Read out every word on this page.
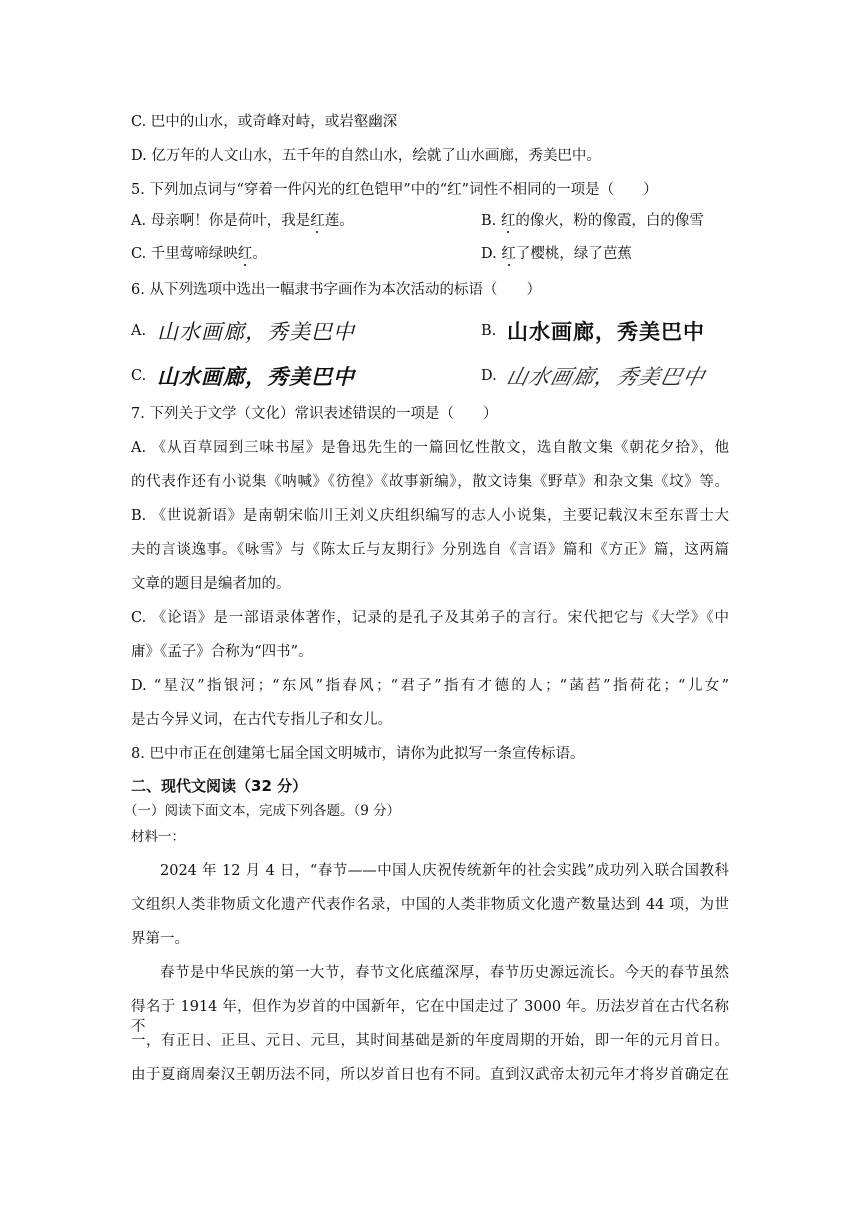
C. 巴中的山水，或奇峰对峙，或岩壑幽深
D. 亿万年的人文山水，五千年的自然山水，绘就了山水画廊，秀美巴中。
5. 下列加点词与“穿着一件闪光的红色铠甲”中的“红”词性不相同的一项是（　　）
A. 母亲啊！你是荷叶，我是红莲。	B. 红的像火，粉的像霞，白的像雪
C. 千里莺啼绿映红。	D. 红了樱桃，绿了芭蕉
6. 从下列选项中选出一幅隶书字画作为本次活动的标语（　　）
A. 山水画廊，秀美巴中	B. 山水画廊，秀美巴中
C. 山水画廊，秀美巴中	D. 山水画廊，秀美巴中
7. 下列关于文学（文化）常识表述错误的一项是（　　）
A. 《从百草园到三味书屋》是鲁迅先生的一篇回忆性散文，选自散文集《朝花夕拾》，他
的代表作还有小说集《呐喊》《彷徨》《故事新编》，散文诗集《野草》和杂文集《坟》等。
B. 《世说新语》是南朝宋临川王刘义庆组织编写的志人小说集，主要记载汉末至东晋士大
夫的言谈逸事。《咏雪》与《陈太丘与友期行》分别选自《言语》篇和《方正》篇，这两篇
文章的题目是编者加的。
C. 《论语》是一部语录体著作，记录的是孔子及其弟子的言行。宋代把它与《大学》《中
庸》《孟子》合称为“四书”。
D. “星汉”指银河；“东风”指春风；“君子”指有才德的人；“菡萏”指荷花；“儿女”
是古今异义词，在古代专指儿子和女儿。
8. 巴中市正在创建第七届全国文明城市，请你为此拟写一条宣传标语。
二、现代文阅读（32 分）
（一）阅读下面文本，完成下列各题。（9 分）
材料一：
2024 年 12 月 4 日，“春节——中国人庆祝传统新年的社会实践”成功列入联合国教科
文组织人类非物质文化遗产代表作名录，中国的人类非物质文化遗产数量达到 44 项，为世
界第一。
春节是中华民族的第一大节，春节文化底蕴深厚，春节历史源远流长。今天的春节虽然
得名于 1914 年，但作为岁首的中国新年，它在中国走过了 3000 年。历法岁首在古代名称不
一，有正日、正旦、元日、元旦，其时间基础是新的年度周期的开始，即一年的元月首日。
由于夏商周秦汉王朝历法不同，所以岁首日也有不同。直到汉武帝太初元年才将岁首确定在
